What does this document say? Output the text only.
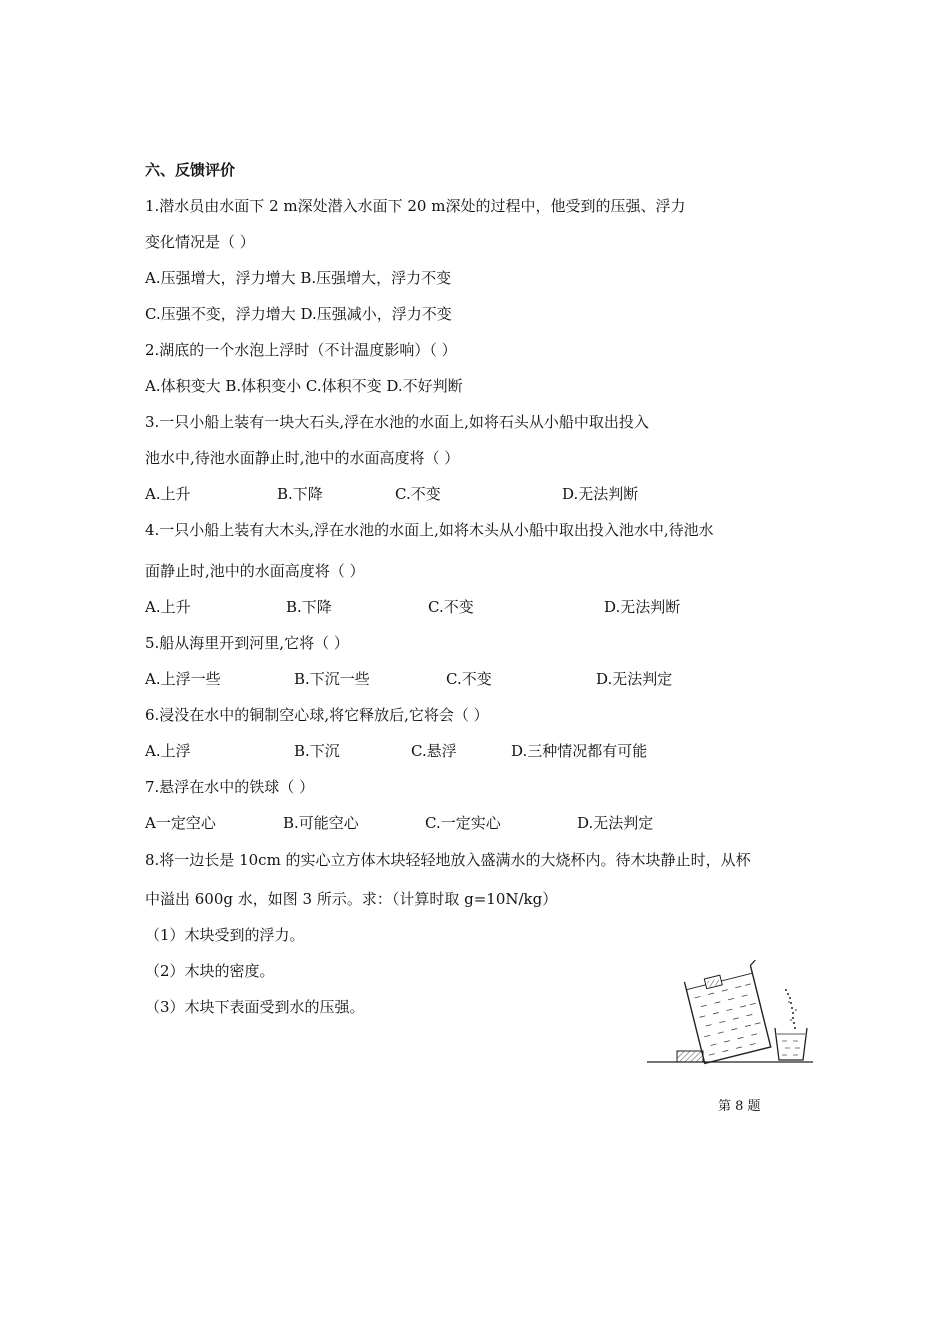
六、反馈评价
1.潜水员由水面下 2 m深处潜入水面下 20 m深处的过程中，他受到的压强、浮力
变化情况是（ ）
A.压强增大，浮力增大 B.压强增大，浮力不变
C.压强不变，浮力增大 D.压强减小，浮力不变
2.湖底的一个水泡上浮时（不计温度影响）（ ）
A.体积变大 B.体积变小 C.体积不变 D.不好判断
3.一只小船上装有一块大石头,浮在水池的水面上,如将石头从小船中取出投入
池水中,待池水面静止时,池中的水面高度将（ ）
A.上升	B.下降	C.不变	D.无法判断
4.一只小船上装有大木头,浮在水池的水面上,如将木头从小船中取出投入池水中,待池水
面静止时,池中的水面高度将（ ）
A.上升	B.下降	C.不变	D.无法判断
5.船从海里开到河里,它将（ ）
A.上浮一些	B.下沉一些	C.不变	D.无法判定
6.浸没在水中的铜制空心球,将它释放后,它将会（ ）
A.上浮	B.下沉	C.悬浮	D.三种情况都有可能
7.悬浮在水中的铁球（ ）
A一定空心	B.可能空心	C.一定实心	D.无法判定
8.将一边长是 10cm 的实心立方体木块轻轻地放入盛满水的大烧杯内。待木块静止时，从杯
中溢出 600g 水，如图 3 所示。求：（计算时取 g=10N/kg）
（1）木块受到的浮力。
（2）木块的密度。
（3）木块下表面受到水的压强。
第 8 题
